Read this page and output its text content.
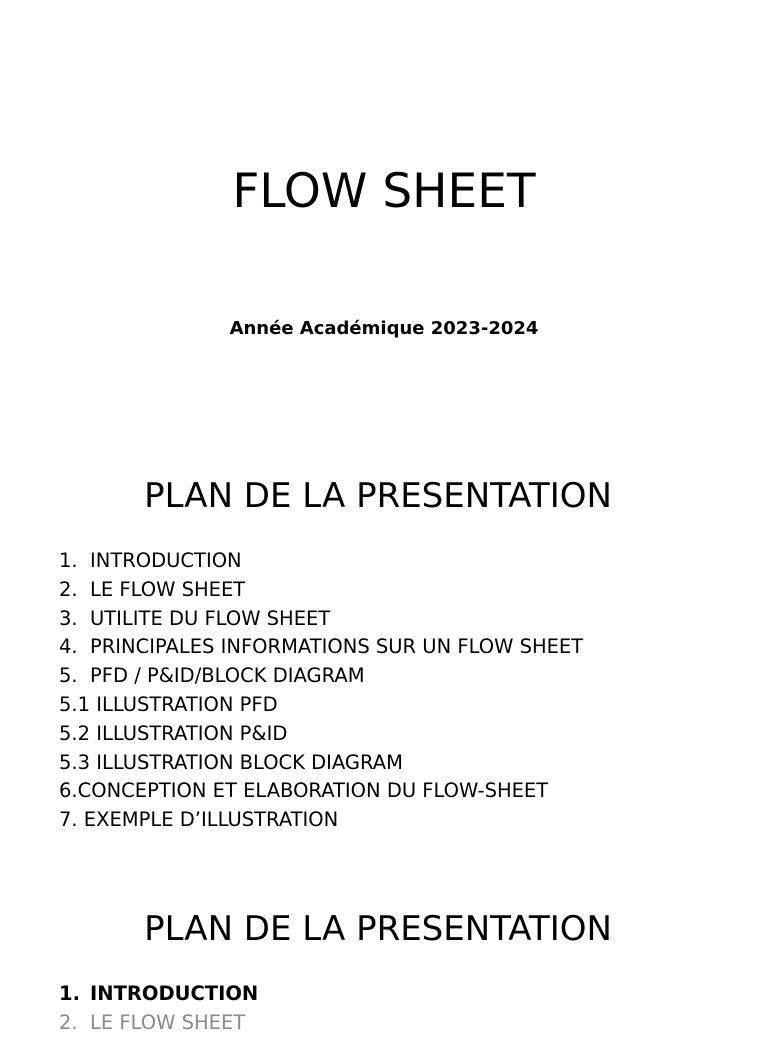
FLOW SHEET
Année Académique 2023-2024
PLAN DE LA PRESENTATION
1. INTRODUCTION
2. LE FLOW SHEET
3. UTILITE DU FLOW SHEET
4. PRINCIPALES INFORMATIONS SUR UN FLOW SHEET
5. PFD / P&ID/BLOCK DIAGRAM
5.1 ILLUSTRATION PFD
5.2 ILLUSTRATION P&ID
5.3 ILLUSTRATION BLOCK DIAGRAM
6.CONCEPTION ET ELABORATION DU FLOW-SHEET
7. EXEMPLE D’ILLUSTRATION
PLAN DE LA PRESENTATION
1. INTRODUCTION
2. LE FLOW SHEET
